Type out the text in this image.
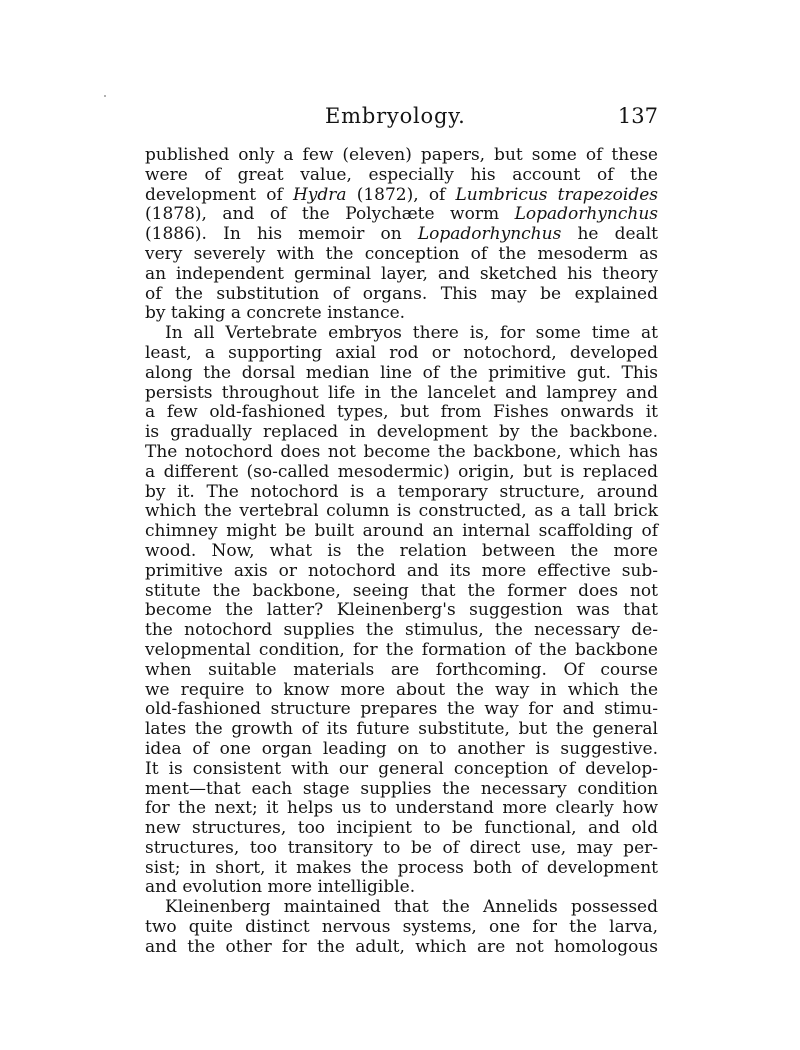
Embryology.	137
published only a few (eleven) papers, but some of these
were of great value, especially his account of the
development of Hydra (1872), of Lumbricus trapezoides
(1878), and of the Polychæte worm Lopadorhynchus
(1886). In his memoir on Lopadorhynchus he dealt
very severely with the conception of the mesoderm as
an independent germinal layer, and sketched his theory
of the substitution of organs. This may be explained
by taking a concrete instance.
In all Vertebrate embryos there is, for some time at
least, a supporting axial rod or notochord, developed
along the dorsal median line of the primitive gut. This
persists throughout life in the lancelet and lamprey and
a few old-fashioned types, but from Fishes onwards it
is gradually replaced in development by the backbone.
The notochord does not become the backbone, which has
a different (so-called mesodermic) origin, but is replaced
by it. The notochord is a temporary structure, around
which the vertebral column is constructed, as a tall brick
chimney might be built around an internal scaffolding of
wood. Now, what is the relation between the more
primitive axis or notochord and its more effective sub-
stitute the backbone, seeing that the former does not
become the latter? Kleinenberg's suggestion was that
the notochord supplies the stimulus, the necessary de-
velopmental condition, for the formation of the backbone
when suitable materials are forthcoming. Of course
we require to know more about the way in which the
old-fashioned structure prepares the way for and stimu-
lates the growth of its future substitute, but the general
idea of one organ leading on to another is suggestive.
It is consistent with our general conception of develop-
ment—that each stage supplies the necessary condition
for the next; it helps us to understand more clearly how
new structures, too incipient to be functional, and old
structures, too transitory to be of direct use, may per-
sist; in short, it makes the process both of development
and evolution more intelligible.
Kleinenberg maintained that the Annelids possessed
two quite distinct nervous systems, one for the larva,
and the other for the adult, which are not homologous
